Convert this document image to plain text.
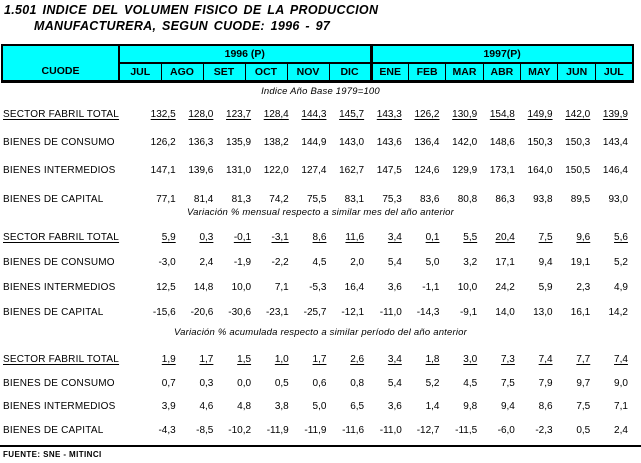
1.501 INDICE DEL VOLUMEN FISICO DE LA PRODUCCION
MANUFACTURERA, SEGUN CUODE: 1996 - 97
CUODE	1996 (P)						1997(P)						
	JUL	AGO	SET	OCT	NOV	DIC	ENE	FEB	MAR	ABR	MAY	JUN	JUL
Indice Año Base 1979=100
SECTOR FABRIL TOTAL	132,5	128,0	123,7	128,4	144,3	145,7	143,3	126,2	130,9	154,8	149,9	142,0	139,9
BIENES DE CONSUMO	126,2	136,3	135,9	138,2	144,9	143,0	143,6	136,4	142,0	148,6	150,3	150,3	143,4
BIENES INTERMEDIOS	147,1	139,6	131,0	122,0	127,4	162,7	147,5	124,6	129,9	173,1	164,0	150,5	146,4
BIENES DE CAPITAL	77,1	81,4	81,3	74,2	75,5	83,1	75,3	83,6	80,8	86,3	93,8	89,5	93,0
Variación % mensual respecto a similar mes del año anterior
SECTOR FABRIL TOTAL	5,9	0,3	-0,1	-3,1	8,6	11,6	3,4	0,1	5,5	20,4	7,5	9,6	5,6
BIENES DE CONSUMO	-3,0	2,4	-1,9	-2,2	4,5	2,0	5,4	5,0	3,2	17,1	9,4	19,1	5,2
BIENES INTERMEDIOS	12,5	14,8	10,0	7,1	-5,3	16,4	3,6	-1,1	10,0	24,2	5,9	2,3	4,9
BIENES DE CAPITAL	-15,6	-20,6	-30,6	-23,1	-25,7	-12,1	-11,0	-14,3	-9,1	14,0	13,0	16,1	14,2
Variación % acumulada respecto a similar período del año anterior
SECTOR FABRIL TOTAL	1,9	1,7	1,5	1,0	1,7	2,6	3,4	1,8	3,0	7,3	7,4	7,7	7,4
BIENES DE CONSUMO	0,7	0,3	0,0	0,5	0,6	0,8	5,4	5,2	4,5	7,5	7,9	9,7	9,0
BIENES INTERMEDIOS	3,9	4,6	4,8	3,8	5,0	6,5	3,6	1,4	9,8	9,4	8,6	7,5	7,1
BIENES DE CAPITAL	-4,3	-8,5	-10,2	-11,9	-11,9	-11,6	-11,0	-12,7	-11,5	-6,0	-2,3	0,5	2,4
FUENTE: SNE - MITINCI
